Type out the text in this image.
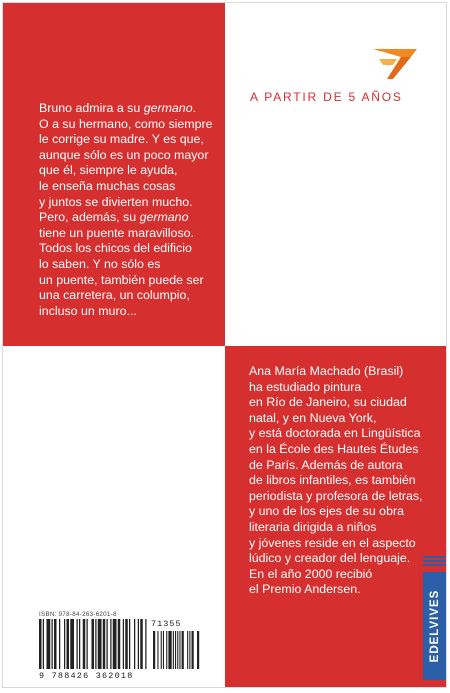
A PARTIR DE 5 AÑOS
Bruno admira a su germano.
O a su hermano, como siempre
le corrige su madre. Y es que,
aunque sólo es un poco mayor
que él, siempre le ayuda,
le enseña muchas cosas
y juntos se divierten mucho.
Pero, además, su germano
tiene un puente maravilloso.
Todos los chicos del edificio
lo saben. Y no sólo es
un puente, también puede ser
una carretera, un columpio,
incluso un muro...
Ana María Machado (Brasil)
ha estudiado pintura
en Río de Janeiro, su ciudad
natal, y en Nueva York,
y está doctorada en Lingüística
en la École des Hautes Études
de París. Además de autora
de libros infantiles, es también
periodista y profesora de letras,
y uno de los ejes de su obra
literaria dirigida a niños
y jóvenes reside en el aspecto
lúdico y creador del lenguaje.
En el año 2000 recibió
el Premio Andersen.
ISBN: 978-84-263-6201-8
71355
9 788426 362018
EDELVIVES
